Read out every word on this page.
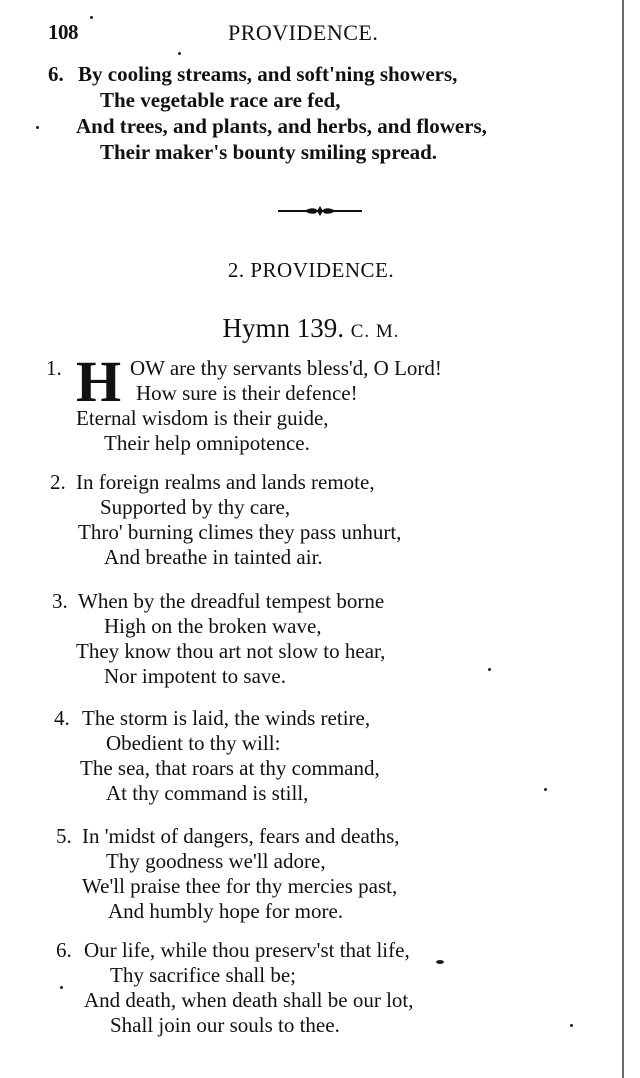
108	PROVIDENCE.
6. By cooling streams, and soft'ning showers,
The vegetable race are fed,
And trees, and plants, and herbs, and flowers,
Their maker's bounty smiling spread.
2. PROVIDENCE.
Hymn 139. C. M.
1. H OW are thy servants bless'd, O Lord!
How sure is their defence!
Eternal wisdom is their guide,
Their help omnipotence.
2. In foreign realms and lands remote,
Supported by thy care,
Thro' burning climes they pass unhurt,
And breathe in tainted air.
3. When by the dreadful tempest borne
High on the broken wave,
They know thou art not slow to hear,
Nor impotent to save.
4. The storm is laid, the winds retire,
Obedient to thy will:
The sea, that roars at thy command,
At thy command is still,
5. In 'midst of dangers, fears and deaths,
Thy goodness we'll adore,
We'll praise thee for thy mercies past,
And humbly hope for more.
6. Our life, while thou preserv'st that life,
Thy sacrifice shall be;
And death, when death shall be our lot,
Shall join our souls to thee.
